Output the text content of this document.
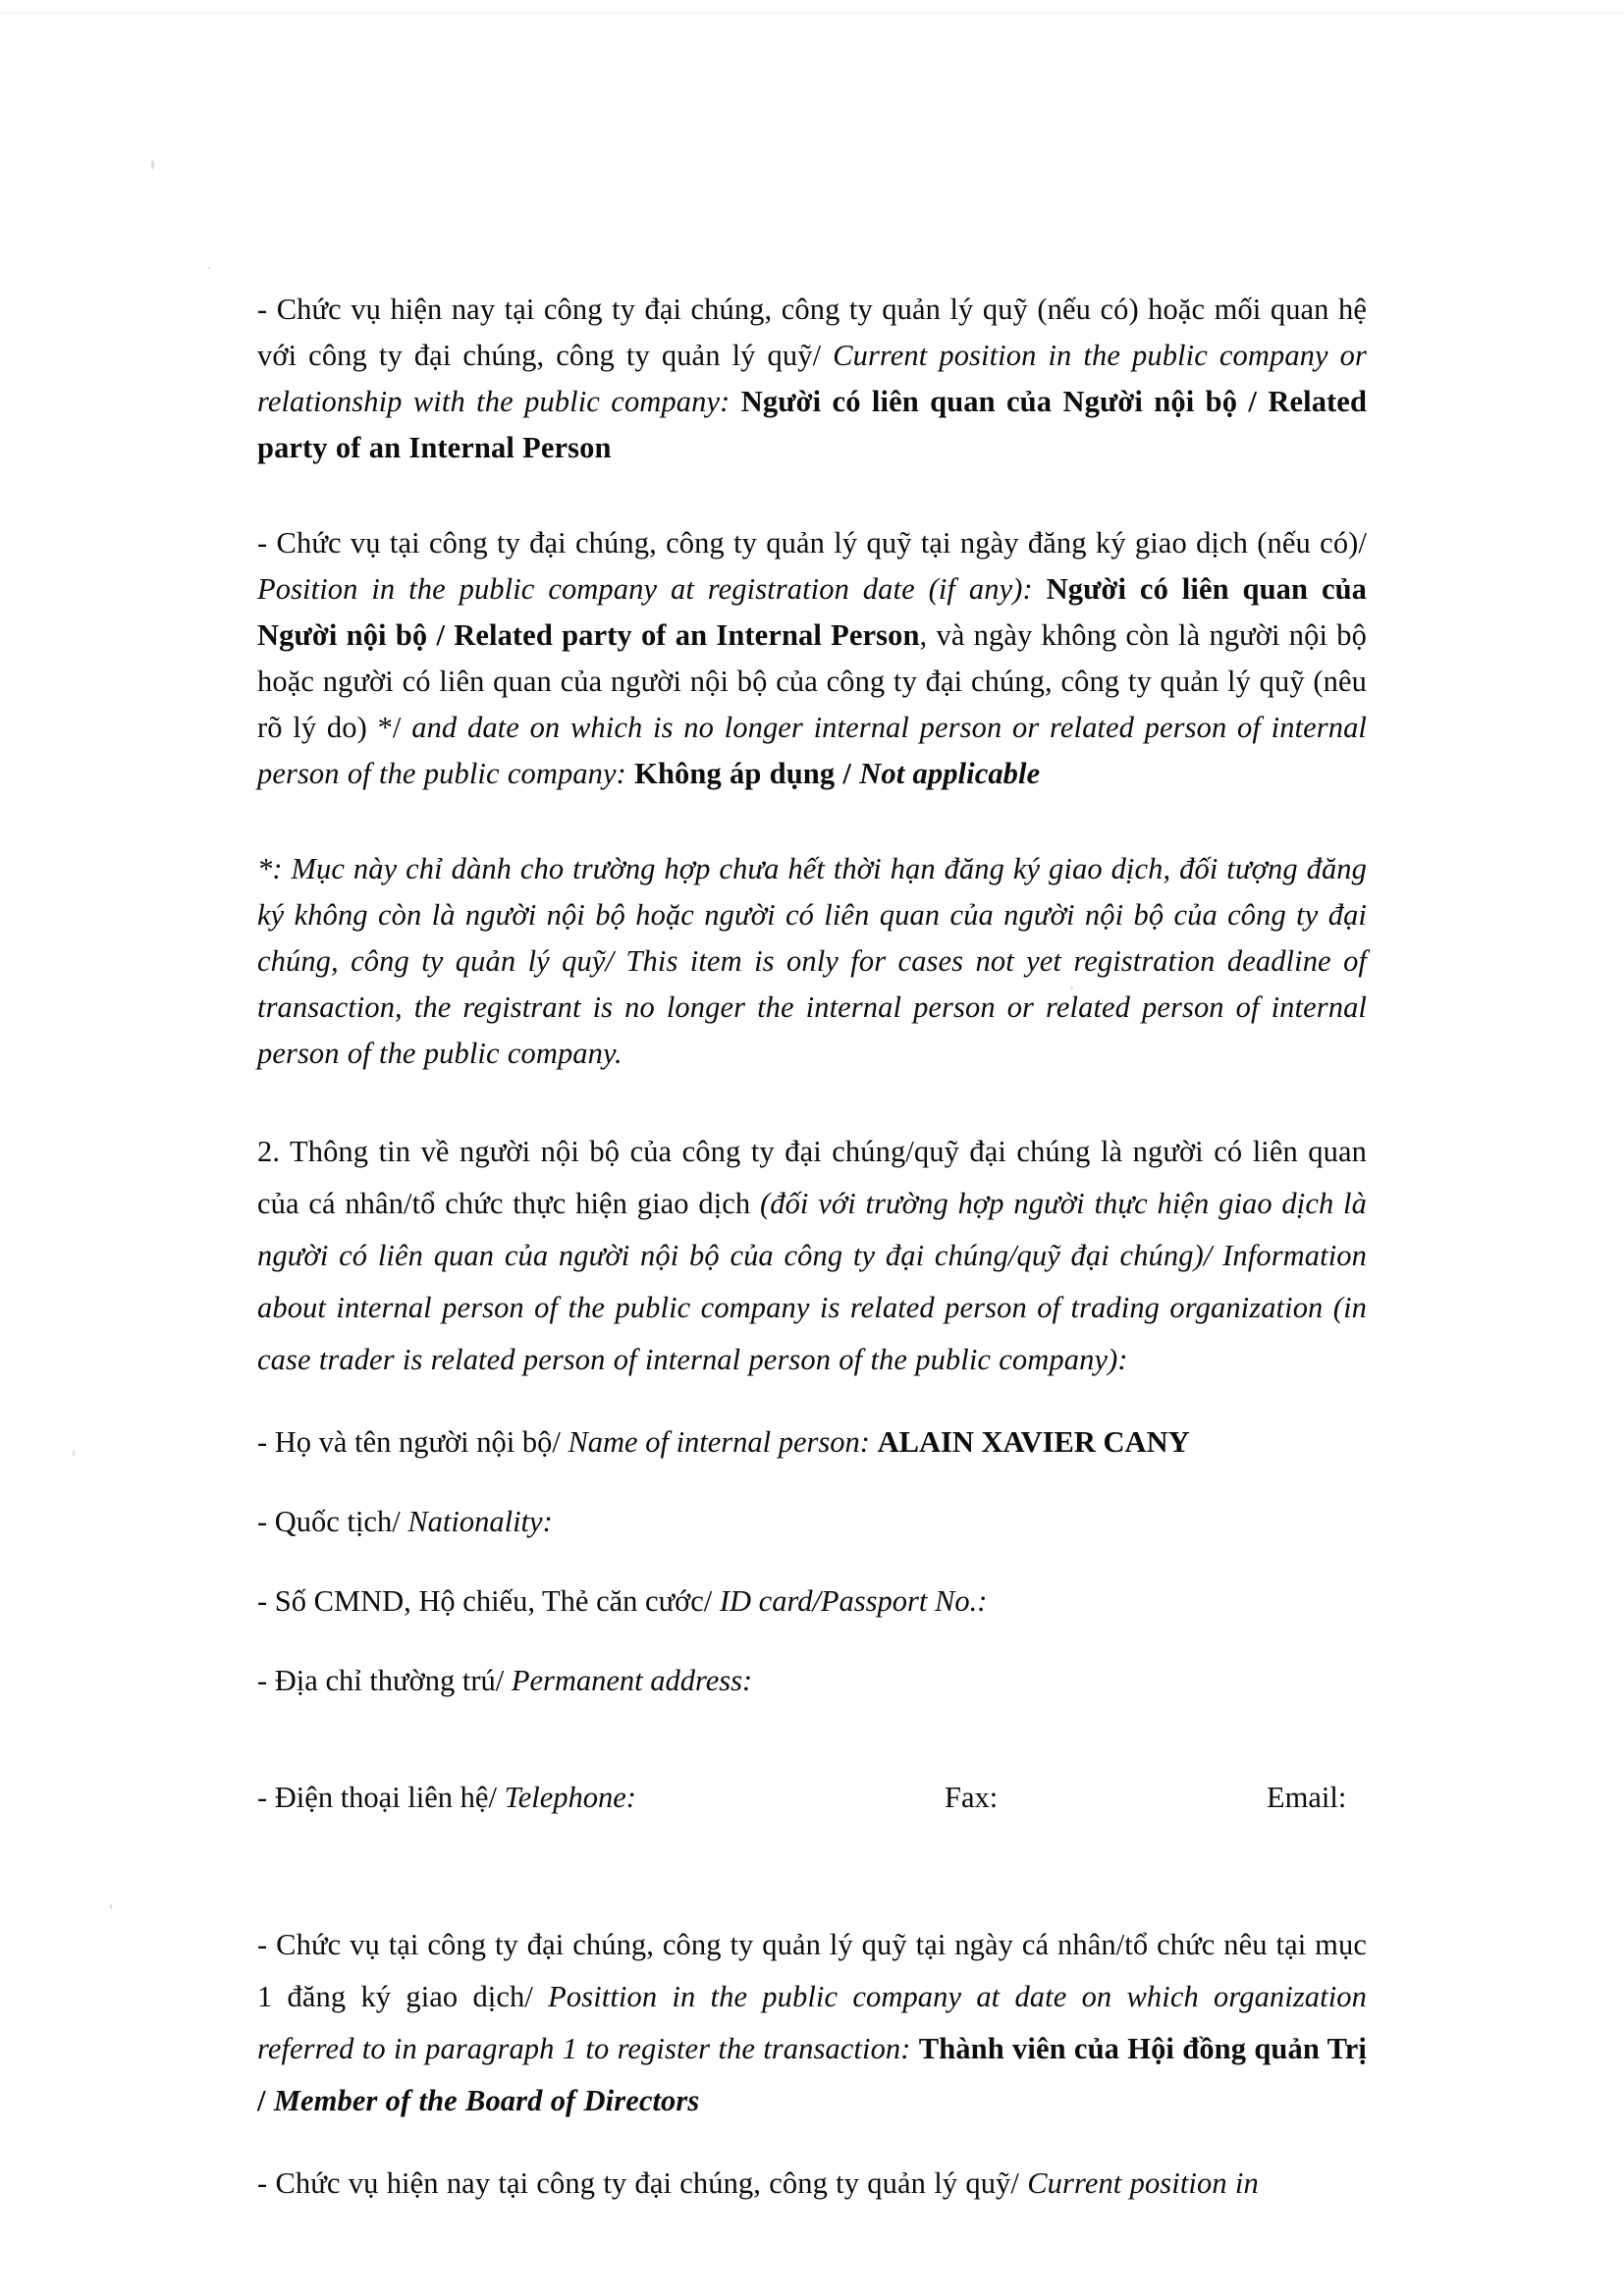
- Chức vụ hiện nay tại công ty đại chúng, công ty quản lý quỹ (nếu có) hoặc mối quan hệ với công ty đại chúng, công ty quản lý quỹ/ Current position in the public company or relationship with the public company: Người có liên quan của Người nội bộ / Related party of an Internal Person

- Chức vụ tại công ty đại chúng, công ty quản lý quỹ tại ngày đăng ký giao dịch (nếu có)/ Position in the public company at registration date (if any): Người có liên quan của Người nội bộ / Related party of an Internal Person, và ngày không còn là người nội bộ hoặc người có liên quan của người nội bộ của công ty đại chúng, công ty quản lý quỹ (nêu rõ lý do) */ and date on which is no longer internal person or related person of internal person of the public company: Không áp dụng / Not applicable

*: Mục này chỉ dành cho trường hợp chưa hết thời hạn đăng ký giao dịch, đối tượng đăng ký không còn là người nội bộ hoặc người có liên quan của người nội bộ của công ty đại chúng, công ty quản lý quỹ/ This item is only for cases not yet registration deadline of transaction, the registrant is no longer the internal person or related person of internal person of the public company.

2. Thông tin về người nội bộ của công ty đại chúng/quỹ đại chúng là người có liên quan của cá nhân/tổ chức thực hiện giao dịch (đối với trường hợp người thực hiện giao dịch là người có liên quan của người nội bộ của công ty đại chúng/quỹ đại chúng)/ Information about internal person of the public company is related person of trading organization (in case trader is related person of internal person of the public company):

- Họ và tên người nội bộ/ Name of internal person: ALAIN XAVIER CANY
- Quốc tịch/ Nationality:
- Số CMND, Hộ chiếu, Thẻ căn cước/ ID card/Passport No.:
- Địa chỉ thường trú/ Permanent address:
- Điện thoại liên hệ/ Telephone:	Fax:	Email:

- Chức vụ tại công ty đại chúng, công ty quản lý quỹ tại ngày cá nhân/tổ chức nêu tại mục 1 đăng ký giao dịch/ Posittion in the public company at date on which organization referred to in paragraph 1 to register the transaction: Thành viên của Hội đồng quản Trị / Member of the Board of Directors

- Chức vụ hiện nay tại công ty đại chúng, công ty quản lý quỹ/ Current position in
